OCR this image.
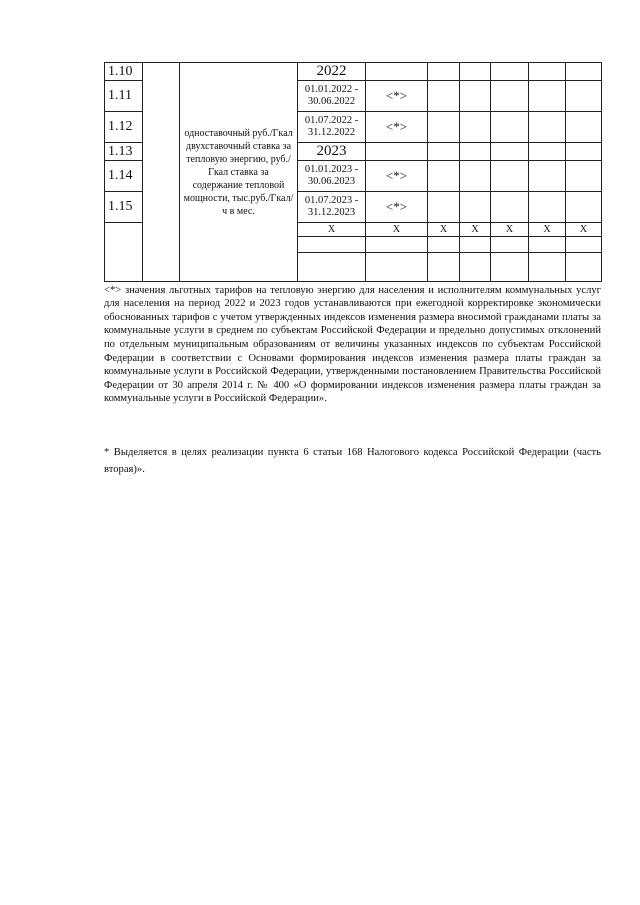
1.10		одноставочный руб./Гкал двухставочный ставка за тепловую энергию, руб./Гкал ставка за содержание тепловой мощности, тыс.руб./Гкал/ч в мес.	2022						
1.11			01.01.2022 - 30.06.2022	<*>					
1.12			01.07.2022 - 31.12.2022	<*>					
1.13			2023						
1.14			01.01.2023 - 30.06.2023	<*>					
1.15			01.07.2023 - 31.12.2023	<*>					
			X	X	X	X	X	X	X

<*> значения льготных тарифов на тепловую энергию для населения и исполнителям коммунальных услуг для населения на период 2022 и 2023 годов устанавливаются при ежегодной корректировке экономически обоснованных тарифов с учетом утвержденных индексов изменения размера вносимой гражданами платы за коммунальные услуги в среднем по субъектам Российской Федерации и предельно допустимых отклонений по отдельным муниципальным образованиям от величины указанных индексов по субъектам Российской Федерации в соответствии с Основами формирования индексов изменения размера платы граждан за коммунальные услуги в Российской Федерации, утвержденными постановлением Правительства Российской Федерации от 30 апреля 2014 г. № 400 «О формировании индексов изменения размера платы граждан за коммунальные услуги в Российской Федерации».

* Выделяется в целях реализации пункта 6 статьи 168 Налогового кодекса Российской Федерации (часть вторая)».
